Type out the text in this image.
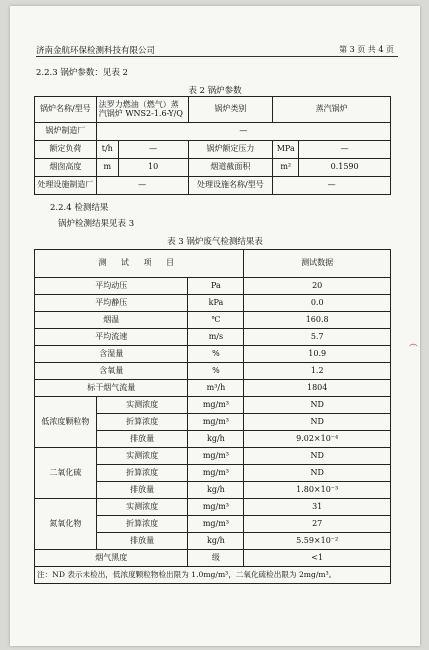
济南金航环保检测科技有限公司	第 3 页 共 4 页
2.2.3 锅炉参数：见表 2
表 2 锅炉参数
锅炉名称/型号	法罗力燃油（燃气）蒸汽锅炉 WNS2-1.6-Y/Q		锅炉类别	蒸汽锅炉	
锅炉制造厂	—				
额定负荷	t/h	—	锅炉额定压力	MPa	—
烟囱高度	m	10	烟道截面积	m²	0.1590
处理设施制造厂	—		处理设施名称/型号	—	
2.2.4 检测结果
锅炉检测结果见表 3
表 3 锅炉废气检测结果表
测 试 项 目			测试数据
平均动压		Pa	20
平均静压		kPa	0.0
烟温		℃	160.8
平均流速		m/s	5.7
含湿量		%	10.9
含氧量		%	1.2
标干烟气流量		m³/h	1804
低浓度颗粒物	实测浓度	mg/m³	ND
	折算浓度	mg/m³	ND
	排放量	kg/h	9.02×10⁻⁴
二氧化硫	实测浓度	mg/m³	ND
	折算浓度	mg/m³	ND
	排放量	kg/h	1.80×10⁻³
氮氧化物	实测浓度	mg/m³	31
	折算浓度	mg/m³	27
	排放量	kg/h	5.59×10⁻²
烟气黑度		级	<1
注：ND 表示未检出，低浓度颗粒物检出限为 1.0mg/m³，二氧化硫检出限为 2mg/m³。			
（
